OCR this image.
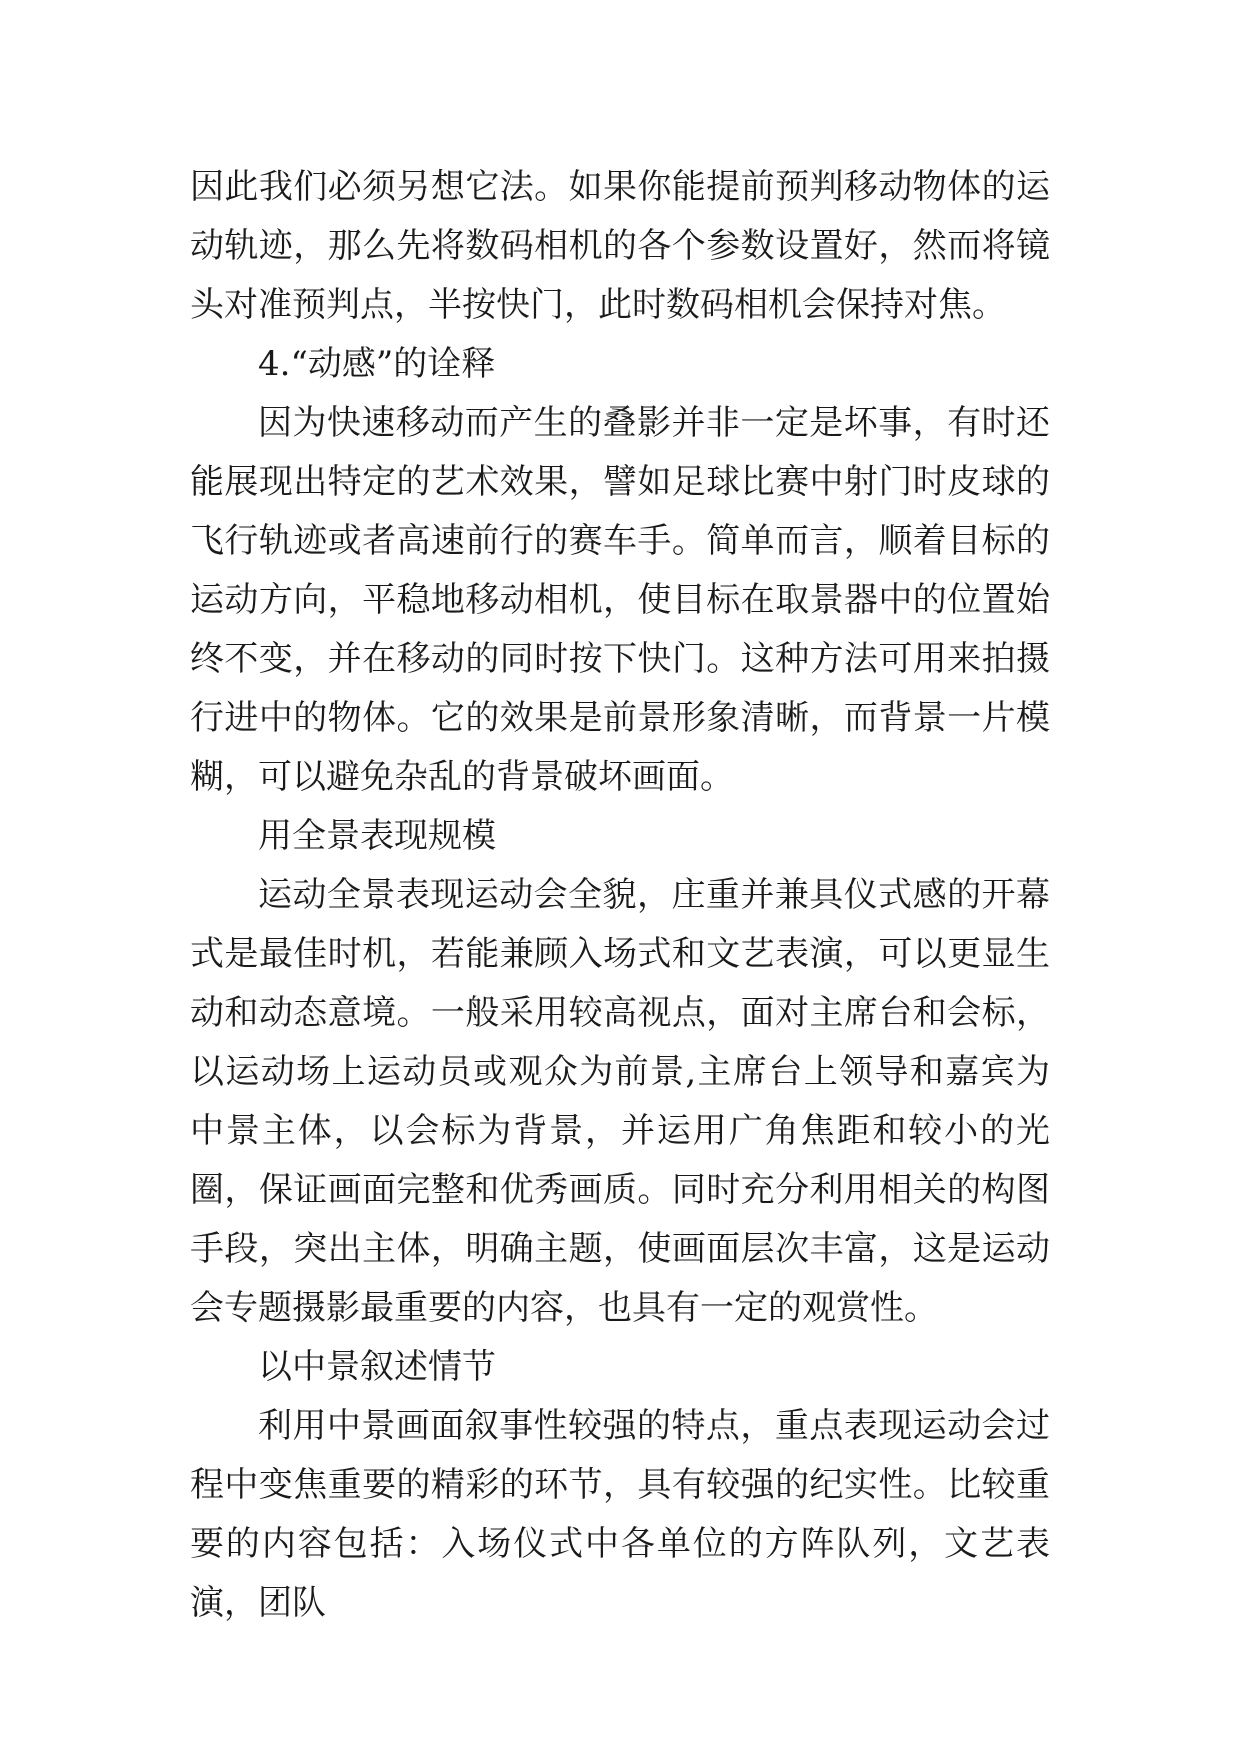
因此我们必须另想它法。如果你能提前预判移动物体的运动轨迹，那么先将数码相机的各个参数设置好，然而将镜头对准预判点，半按快门，此时数码相机会保持对焦。

4.“动感”的诠释

因为快速移动而产生的叠影并非一定是坏事，有时还能展现出特定的艺术效果，譬如足球比赛中射门时皮球的飞行轨迹或者高速前行的赛车手。简单而言，顺着目标的运动方向，平稳地移动相机，使目标在取景器中的位置始终不变，并在移动的同时按下快门。这种方法可用来拍摄行进中的物体。它的效果是前景形象清晰，而背景一片模糊，可以避免杂乱的背景破坏画面。

用全景表现规模

运动全景表现运动会全貌，庄重并兼具仪式感的开幕式是最佳时机，若能兼顾入场式和文艺表演，可以更显生动和动态意境。一般采用较高视点，面对主席台和会标，以运动场上运动员或观众为前景,主席台上领导和嘉宾为中景主体，以会标为背景，并运用广角焦距和较小的光圈，保证画面完整和优秀画质。同时充分利用相关的构图手段，突出主体，明确主题，使画面层次丰富，这是运动会专题摄影最重要的内容，也具有一定的观赏性。

以中景叙述情节

利用中景画面叙事性较强的特点，重点表现运动会过程中变焦重要的精彩的环节，具有较强的纪实性。比较重要的内容包括：入场仪式中各单位的方阵队列，文艺表演，团队
